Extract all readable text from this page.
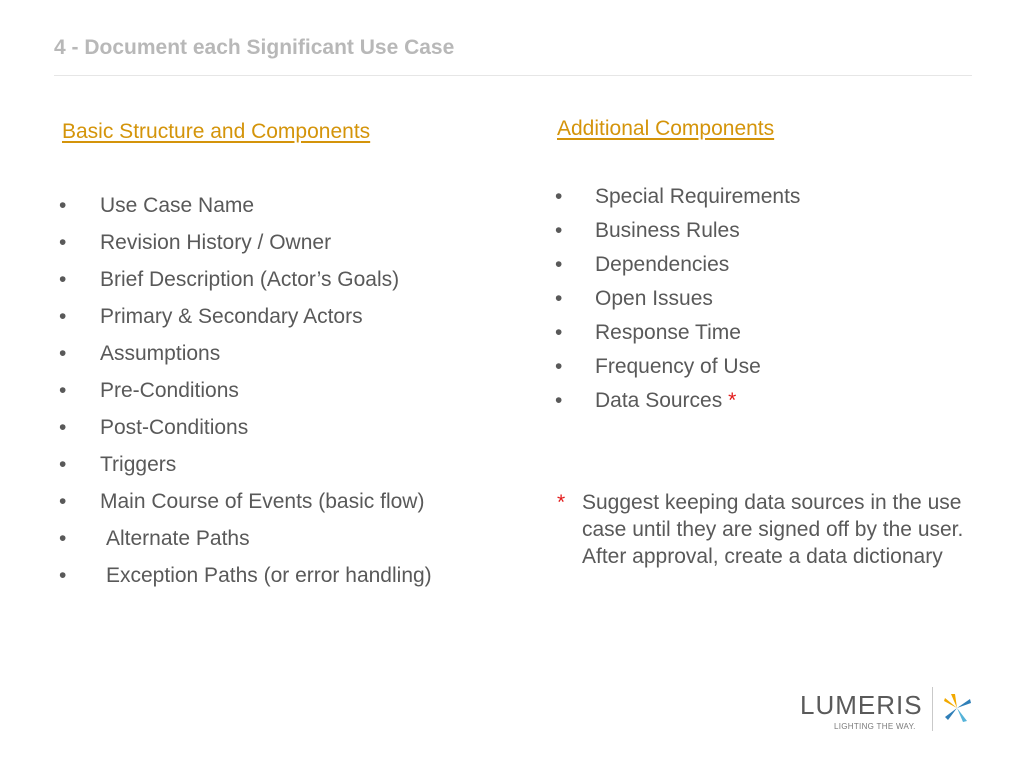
4 - Document each Significant Use Case
Basic Structure and Components
• Use Case Name
• Revision History / Owner
• Brief Description (Actor’s Goals)
• Primary & Secondary Actors
• Assumptions
• Pre-Conditions
• Post-Conditions
• Triggers
• Main Course of Events (basic flow)
• Alternate Paths
• Exception Paths (or error handling)
Additional Components
• Special Requirements
• Business Rules
• Dependencies
• Open Issues
• Response Time
• Frequency of Use
• Data Sources *
* Suggest keeping data sources in the use case until they are signed off by the user. After approval, create a data dictionary
LUMERIS
LIGHTING THE WAY.
